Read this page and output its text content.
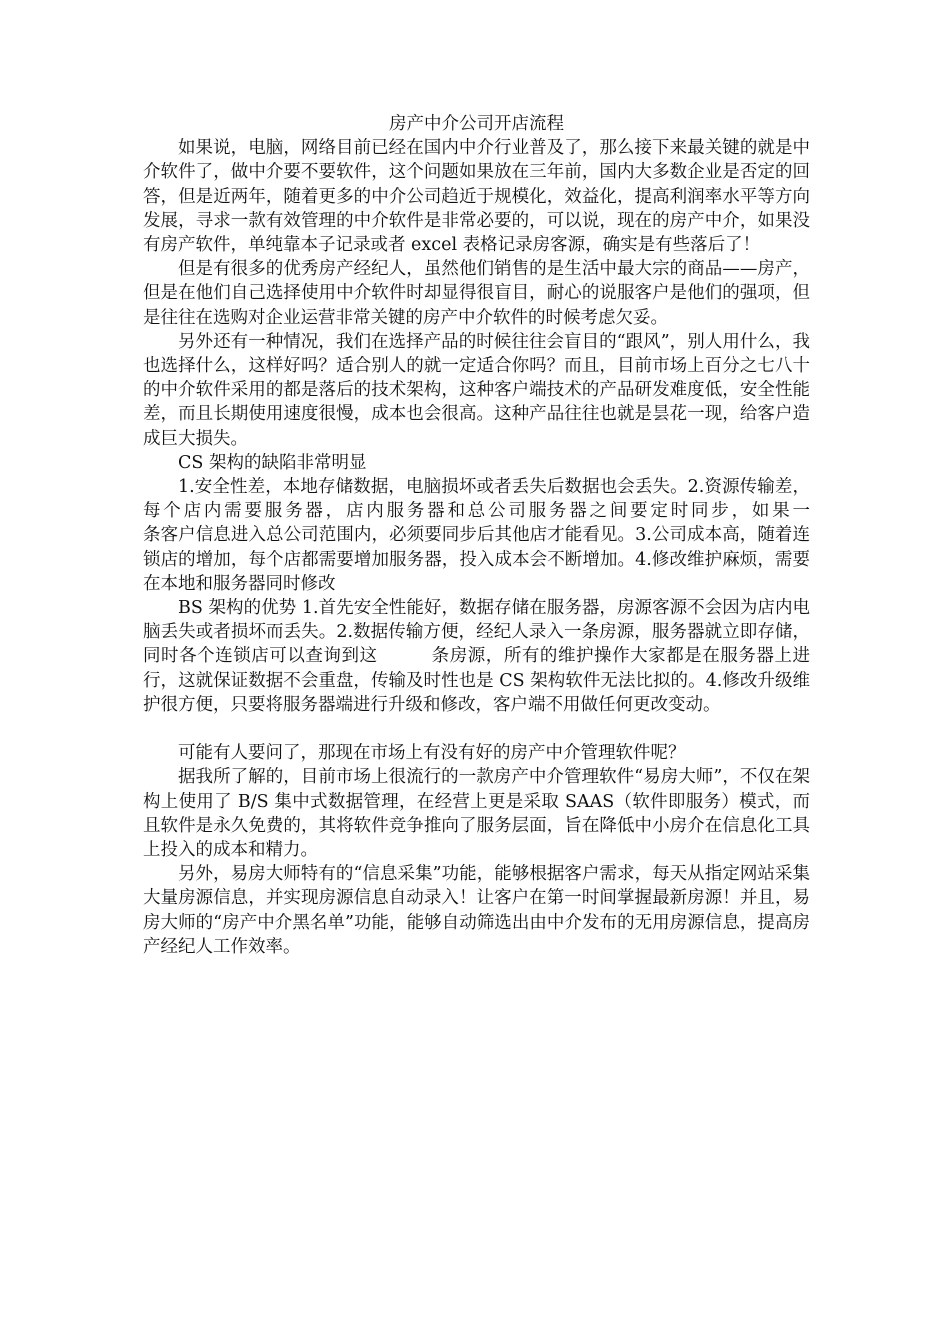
房产中介公司开店流程

如果说，电脑，网络目前已经在国内中介行业普及了，那么接下来最关键的就是中介软件了，做中介要不要软件，这个问题如果放在三年前，国内大多数企业是否定的回答，但是近两年，随着更多的中介公司趋近于规模化，效益化，提高利润率水平等方向发展，寻求一款有效管理的中介软件是非常必要的，可以说，现在的房产中介，如果没有房产软件，单纯靠本子记录或者 excel 表格记录房客源，确实是有些落后了！

但是有很多的优秀房产经纪人，虽然他们销售的是生活中最大宗的商品——房产，但是在他们自己选择使用中介软件时却显得很盲目，耐心的说服客户是他们的强项，但是往往在选购对企业运营非常关键的房产中介软件的时候考虑欠妥。

另外还有一种情况，我们在选择产品的时候往往会盲目的“跟风”，别人用什么，我也选择什么，这样好吗？适合别人的就一定适合你吗？而且，目前市场上百分之七八十的中介软件采用的都是落后的技术架构，这种客户端技术的产品研发难度低，安全性能差，而且长期使用速度很慢，成本也会很高。这种产品往往也就是昙花一现，给客户造成巨大损失。

CS 架构的缺陷非常明显

1.安全性差，本地存储数据，电脑损坏或者丢失后数据也会丢失。2.资源传输差，每个店内需要服务器，店内服务器和总公司服务器之间要定时同步，如果一　　　　　　　　条客户信息进入总公司范围内，必须要同步后其他店才能看见。3.公司成本高，随着连锁店的增加，每个店都需要增加服务器，投入成本会不断增加。4.修改维护麻烦，需要在本地和服务器同时修改

BS 架构的优势 1.首先安全性能好，数据存储在服务器，房源客源不会因为店内电脑丢失或者损坏而丢失。2.数据传输方便，经纪人录入一条房源，服务器就立即存储，同时各个连锁店可以查询到这　　　条房源，所有的维护操作大家都是在服务器上进行，这就保证数据不会重盘，传输及时性也是 CS 架构软件无法比拟的。4.修改升级维护很方便，只要将服务器端进行升级和修改，客户端不用做任何更改变动。

可能有人要问了，那现在市场上有没有好的房产中介管理软件呢？

据我所了解的，目前市场上很流行的一款房产中介管理软件“易房大师”，不仅在架构上使用了 B/S 集中式数据管理，在经营上更是采取 SAAS（软件即服务）模式，而且软件是永久免费的，其将软件竞争推向了服务层面，旨在降低中小房介在信息化工具上投入的成本和精力。

另外，易房大师特有的“信息采集”功能，能够根据客户需求，每天从指定网站采集大量房源信息，并实现房源信息自动录入！让客户在第一时间掌握最新房源！并且，易房大师的“房产中介黑名单”功能，能够自动筛选出由中介发布的无用房源信息，提高房产经纪人工作效率。
